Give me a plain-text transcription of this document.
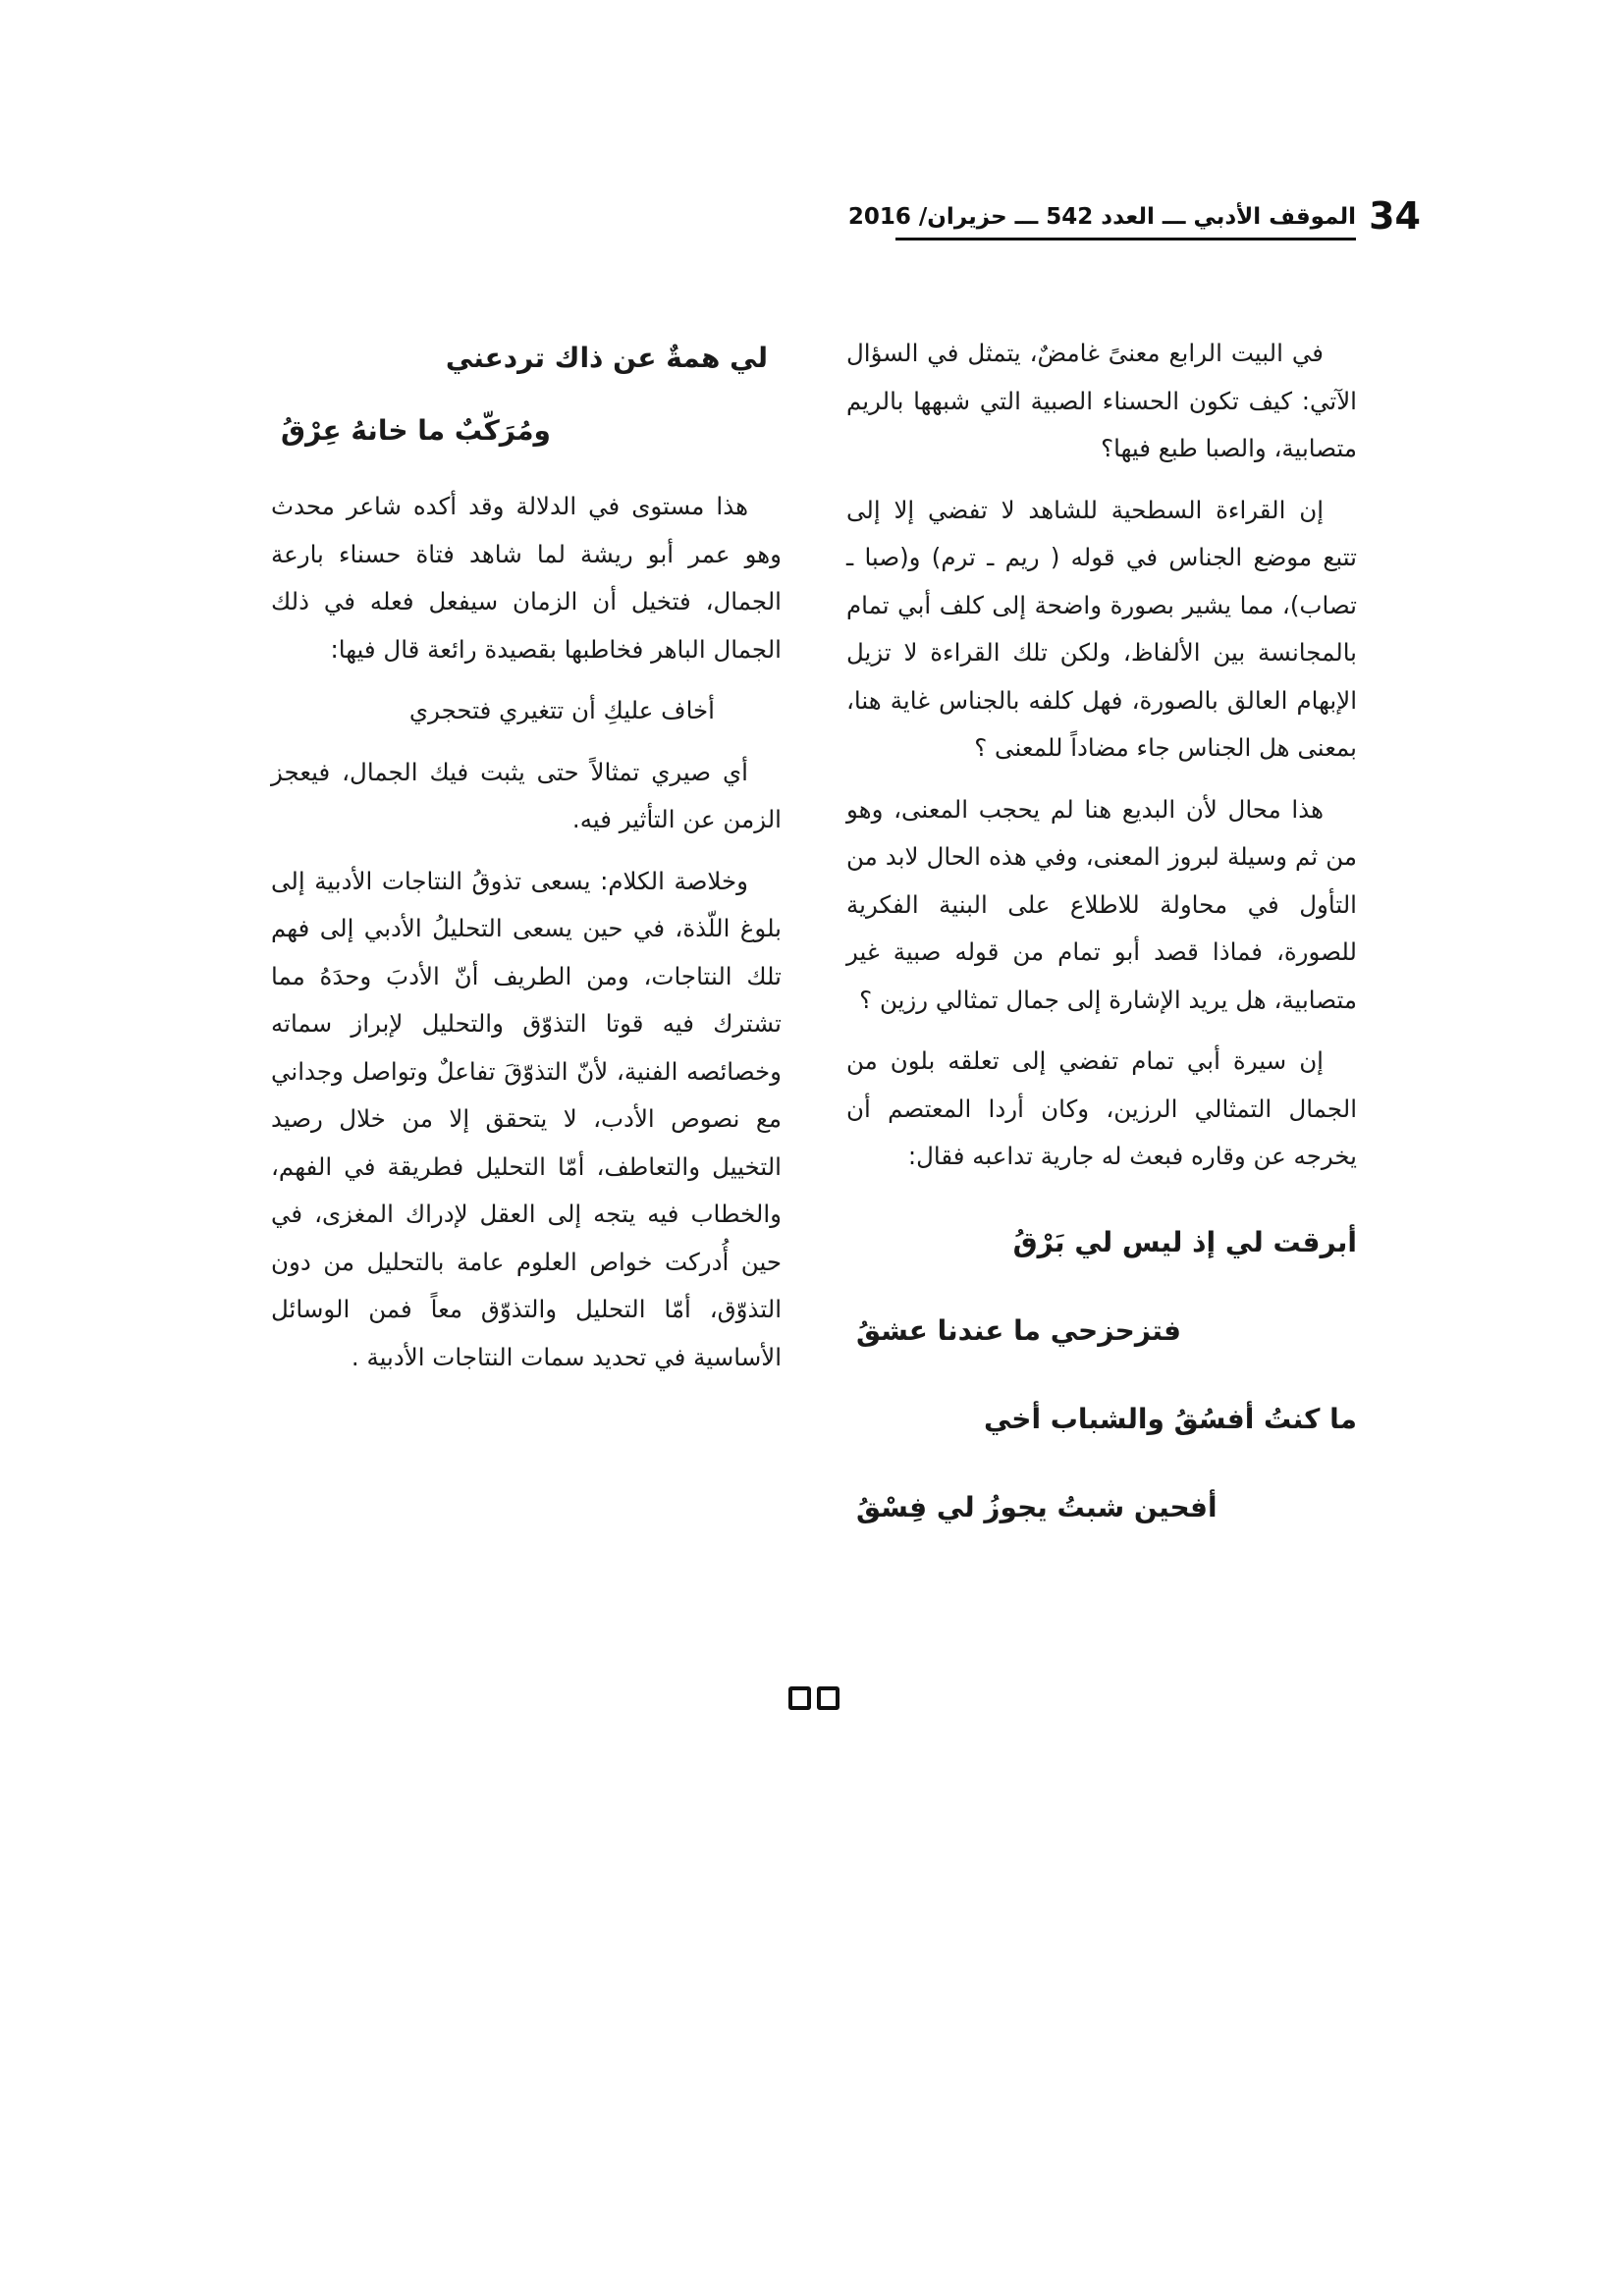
34
الموقف الأدبي ـــ العدد 542 ـــ حزيران/ 2016

في البيت الرابع معنىً غامضٌ، يتمثل في السؤال الآتي: كيف تكون الحسناء الصبية التي شبهها بالريم متصابية، والصبا طبع فيها؟

إن القراءة السطحية للشاهد لا تفضي إلا إلى تتبع موضع الجناس في قوله ( ريم ـ ترم) و(صبا ـ تصاب)، مما يشير بصورة واضحة إلى كلف أبي تمام بالمجانسة بين الألفاظ، ولكن تلك القراءة لا تزيل الإبهام العالق بالصورة، فهل كلفه بالجناس غاية هنا، بمعنى هل الجناس جاء مضاداً للمعنى ؟

هذا محال لأن البديع هنا لم يحجب المعنى، وهو من ثم وسيلة لبروز المعنى، وفي هذه الحال لابد من التأول في محاولة للاطلاع على البنية الفكرية للصورة، فماذا قصد أبو تمام من قوله صبية غير متصابية، هل يريد الإشارة إلى جمال تمثالي رزين ؟

إن سيرة أبي تمام تفضي إلى تعلقه بلون من الجمال التمثالي الرزين، وكان أردا المعتصم أن يخرجه عن وقاره فبعث له جارية تداعبه فقال:

أبرقت لي إذ ليس لي بَرْقُ
فتزحزحي ما عندنا عشقُ
ما كنتُ أفسُقُ والشباب أخي
أفحين شبتُ يجوزُ لي فِسْقُ
لي همةٌ عن ذاك تردعني
ومُرَكّبٌ ما خانهُ عِرْقُ

هذا مستوى في الدلالة وقد أكده شاعر محدث وهو عمر أبو ريشة لما شاهد فتاة حسناء بارعة الجمال، فتخيل أن الزمان سيفعل فعله في ذلك الجمال الباهر فخاطبها بقصيدة رائعة قال فيها:

أخاف عليكِ أن تتغيري فتحجري

أي صيري تمثالاً حتى يثبت فيك الجمال، فيعجز الزمن عن التأثير فيه.

وخلاصة الكلام: يسعى تذوقُ النتاجات الأدبية إلى بلوغ اللّذة، في حين يسعى التحليلُ الأدبي إلى فهم تلك النتاجات، ومن الطريف أنّ الأدبَ وحدَهُ مما تشترك فيه قوتا التذوّق والتحليل لإبراز سماته وخصائصه الفنية، لأنّ التذوّقَ تفاعلٌ وتواصل وجداني مع نصوص الأدب، لا يتحقق إلا من خلال رصيد التخييل والتعاطف، أمّا التحليل فطريقة في الفهم، والخطاب فيه يتجه إلى العقل لإدراك المغزى، في حين أُدركت خواص العلوم عامة بالتحليل من دون التذوّق، أمّا التحليل والتذوّق معاً فمن الوسائل الأساسية في تحديد سمات النتاجات الأدبية .
